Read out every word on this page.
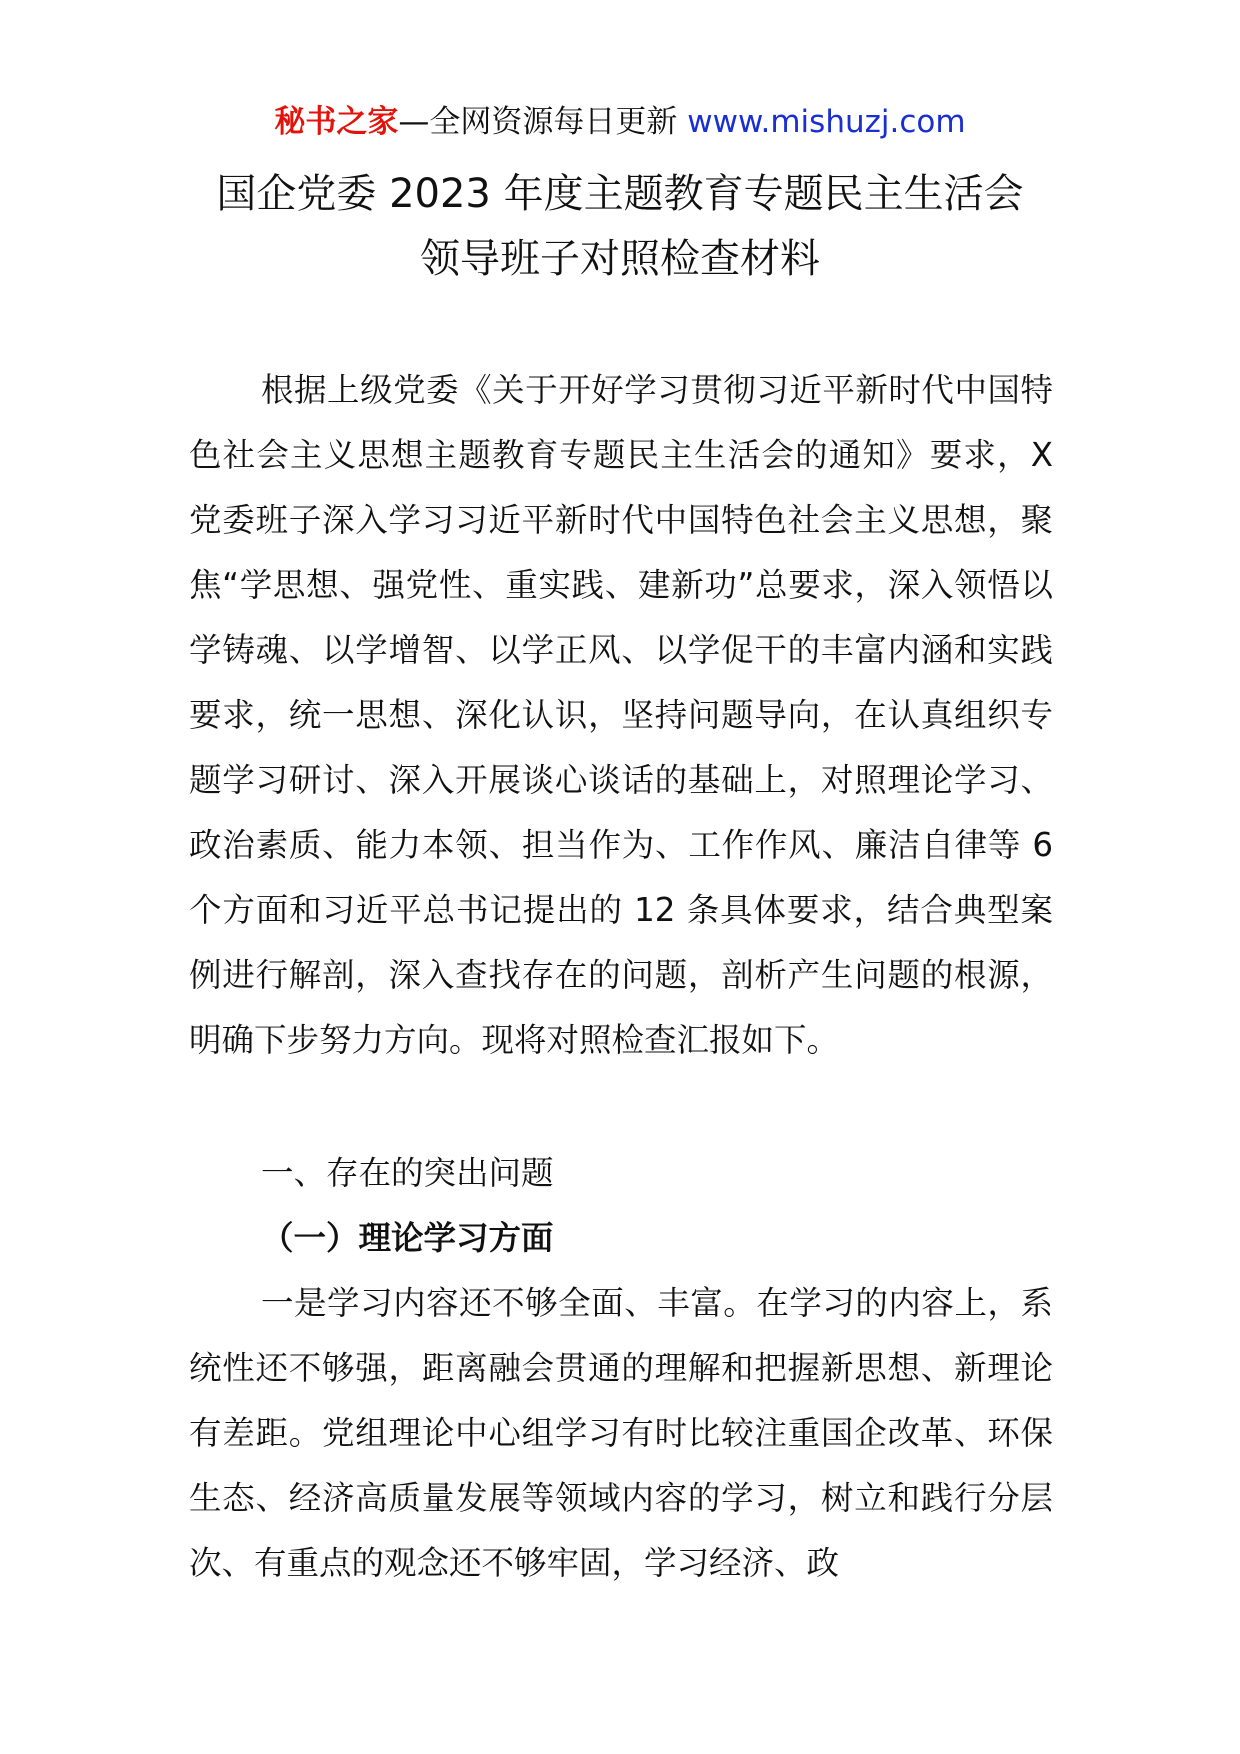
秘书之家—全网资源每日更新 www.mishuzj.com
国企党委 2023 年度主题教育专题民主生活会
领导班子对照检查材料

根据上级党委《关于开好学习贯彻习近平新时代中国特色社会主义思想主题教育专题民主生活会的通知》要求，X 党委班子深入学习习近平新时代中国特色社会主义思想，聚焦“学思想、强党性、重实践、建新功”总要求，深入领悟以学铸魂、以学增智、以学正风、以学促干的丰富内涵和实践要求，统一思想、深化认识，坚持问题导向，在认真组织专题学习研讨、深入开展谈心谈话的基础上，对照理论学习、政治素质、能力本领、担当作为、工作作风、廉洁自律等 6 个方面和习近平总书记提出的 12 条具体要求，结合典型案例进行解剖，深入查找存在的问题，剖析产生问题的根源，明确下步努力方向。现将对照检查汇报如下。

一、存在的突出问题

（一）理论学习方面

一是学习内容还不够全面、丰富。在学习的内容上，系统性还不够强，距离融会贯通的理解和把握新思想、新理论有差距。党组理论中心组学习有时比较注重国企改革、环保生态、经济高质量发展等领域内容的学习，树立和践行分层次、有重点的观念还不够牢固，学习经济、政
